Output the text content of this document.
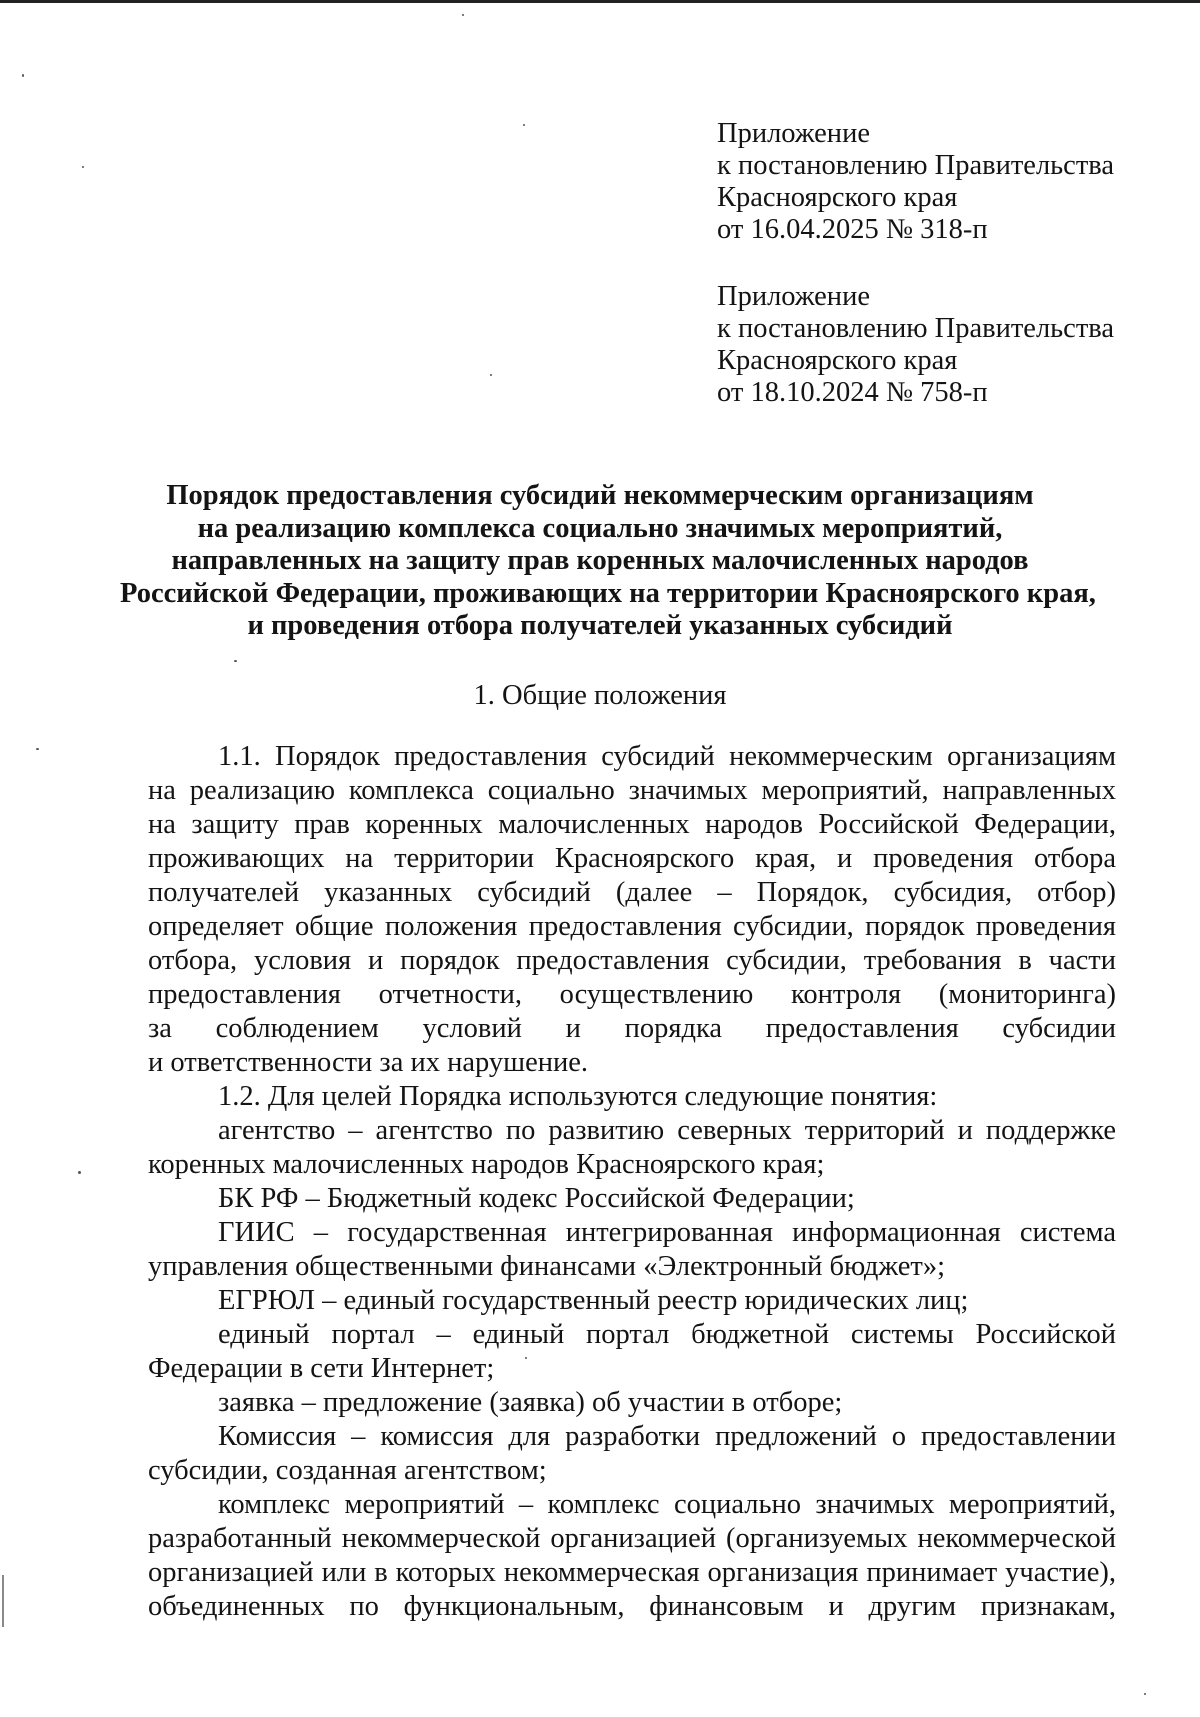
Приложение
к постановлению Правительства
Красноярского края
от 16.04.2025 № 318-п
Приложение
к постановлению Правительства
Красноярского края
от 18.10.2024 № 758-п
Порядок предоставления субсидий некоммерческим организациям
на реализацию комплекса социально значимых мероприятий,
направленных на защиту прав коренных малочисленных народов
Российской Федерации, проживающих на территории Красноярского края,
и проведения отбора получателей указанных субсидий
1. Общие положения
1.1. Порядок предоставления субсидий некоммерческим организациям
на реализацию комплекса социально значимых мероприятий, направленных
на защиту прав коренных малочисленных народов Российской Федерации,
проживающих на территории Красноярского края, и проведения отбора
получателей указанных субсидий (далее – Порядок, субсидия, отбор)
определяет общие положения предоставления субсидии, порядок проведения
отбора, условия и порядок предоставления субсидии, требования в части
предоставления отчетности, осуществлению контроля (мониторинга)
за соблюдением условий и порядка предоставления субсидии
и ответственности за их нарушение.
1.2. Для целей Порядка используются следующие понятия:
агентство – агентство по развитию северных территорий и поддержке
коренных малочисленных народов Красноярского края;
БК РФ – Бюджетный кодекс Российской Федерации;
ГИИС – государственная интегрированная информационная система
управления общественными финансами «Электронный бюджет»;
ЕГРЮЛ – единый государственный реестр юридических лиц;
единый портал – единый портал бюджетной системы Российской
Федерации в сети Интернет;
заявка – предложение (заявка) об участии в отборе;
Комиссия – комиссия для разработки предложений о предоставлении
субсидии, созданная агентством;
комплекс мероприятий – комплекс социально значимых мероприятий,
разработанный некоммерческой организацией (организуемых некоммерческой
организацией или в которых некоммерческая организация принимает участие),
объединенных по функциональным, финансовым и другим признакам,
